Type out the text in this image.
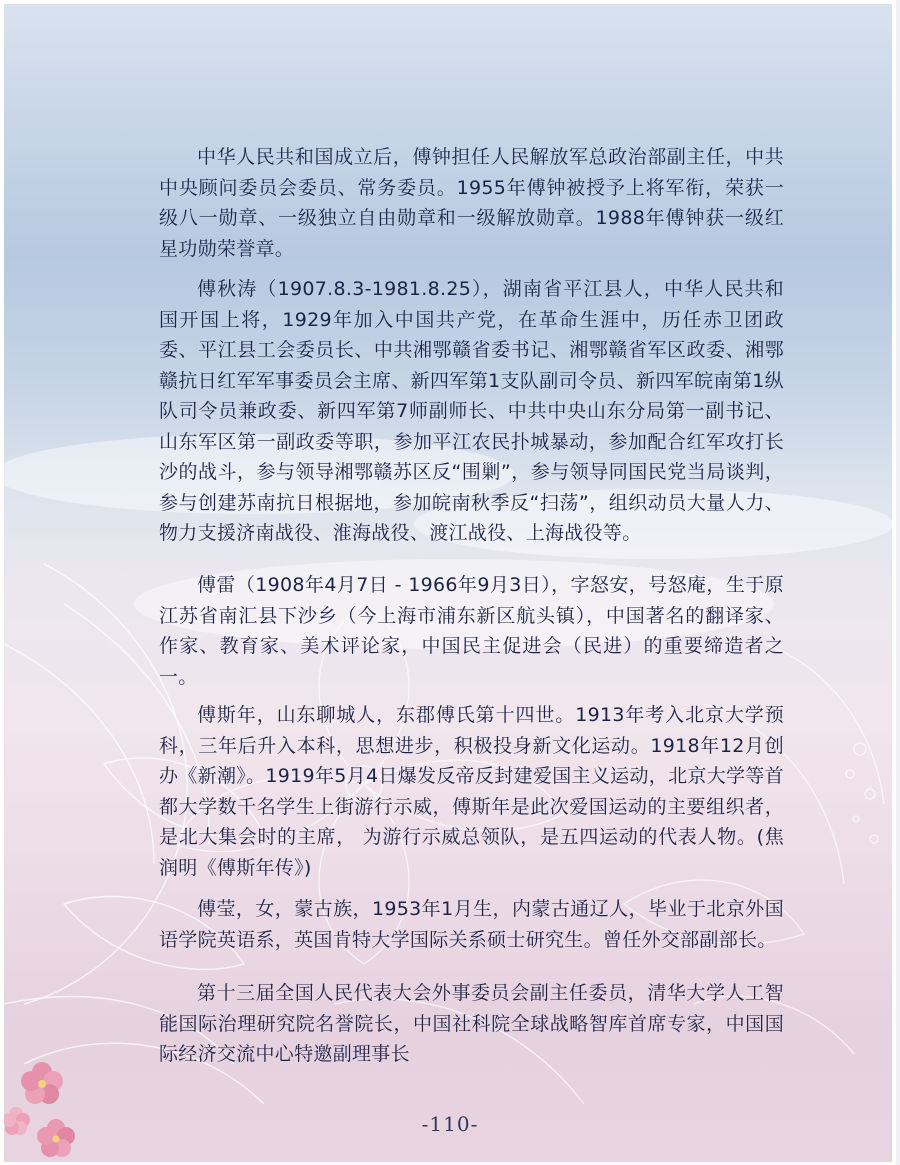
中华人民共和国成立后，傅钟担任人民解放军总政治部副主任，中共中央顾问委员会委员、常务委员。1955年傅钟被授予上将军衔，荣获一级八一勋章、一级独立自由勋章和一级解放勋章。1988年傅钟获一级红星功勋荣誉章。

傅秋涛（1907.8.3-1981.8.25），湖南省平江县人，中华人民共和国开国上将，1929年加入中国共产党，在革命生涯中，历任赤卫团政委、平江县工会委员长、中共湘鄂赣省委书记、湘鄂赣省军区政委、湘鄂赣抗日红军军事委员会主席、新四军第1支队副司令员、新四军皖南第1纵队司令员兼政委、新四军第7师副师长、中共中央山东分局第一副书记、山东军区第一副政委等职，参加平江农民扑城暴动，参加配合红军攻打长沙的战斗，参与领导湘鄂赣苏区反“围剿”，参与领导同国民党当局谈判，参与创建苏南抗日根据地，参加皖南秋季反“扫荡”，组织动员大量人力、物力支援济南战役、淮海战役、渡江战役、上海战役等。

傅雷（1908年4月7日 - 1966年9月3日），字怒安，号怒庵，生于原江苏省南汇县下沙乡（今上海市浦东新区航头镇），中国著名的翻译家、作家、教育家、美术评论家，中国民主促进会（民进）的重要缔造者之一。

傅斯年，山东聊城人，东郡傅氏第十四世。1913年考入北京大学预科，三年后升入本科，思想进步，积极投身新文化运动。1918年12月创办《新潮》。1919年5月4日爆发反帝反封建爱国主义运动，北京大学等首都大学数千名学生上街游行示威，傅斯年是此次爱国运动的主要组织者，是北大集会时的主席， 为游行示威总领队，是五四运动的代表人物。(焦润明《傅斯年传》)

傅莹，女，蒙古族，1953年1月生，内蒙古通辽人，毕业于北京外国语学院英语系，英国肯特大学国际关系硕士研究生。曾任外交部副部长。

第十三届全国人民代表大会外事委员会副主任委员，清华大学人工智能国际治理研究院名誉院长，中国社科院全球战略智库首席专家，中国国际经济交流中心特邀副理事长

-110-
